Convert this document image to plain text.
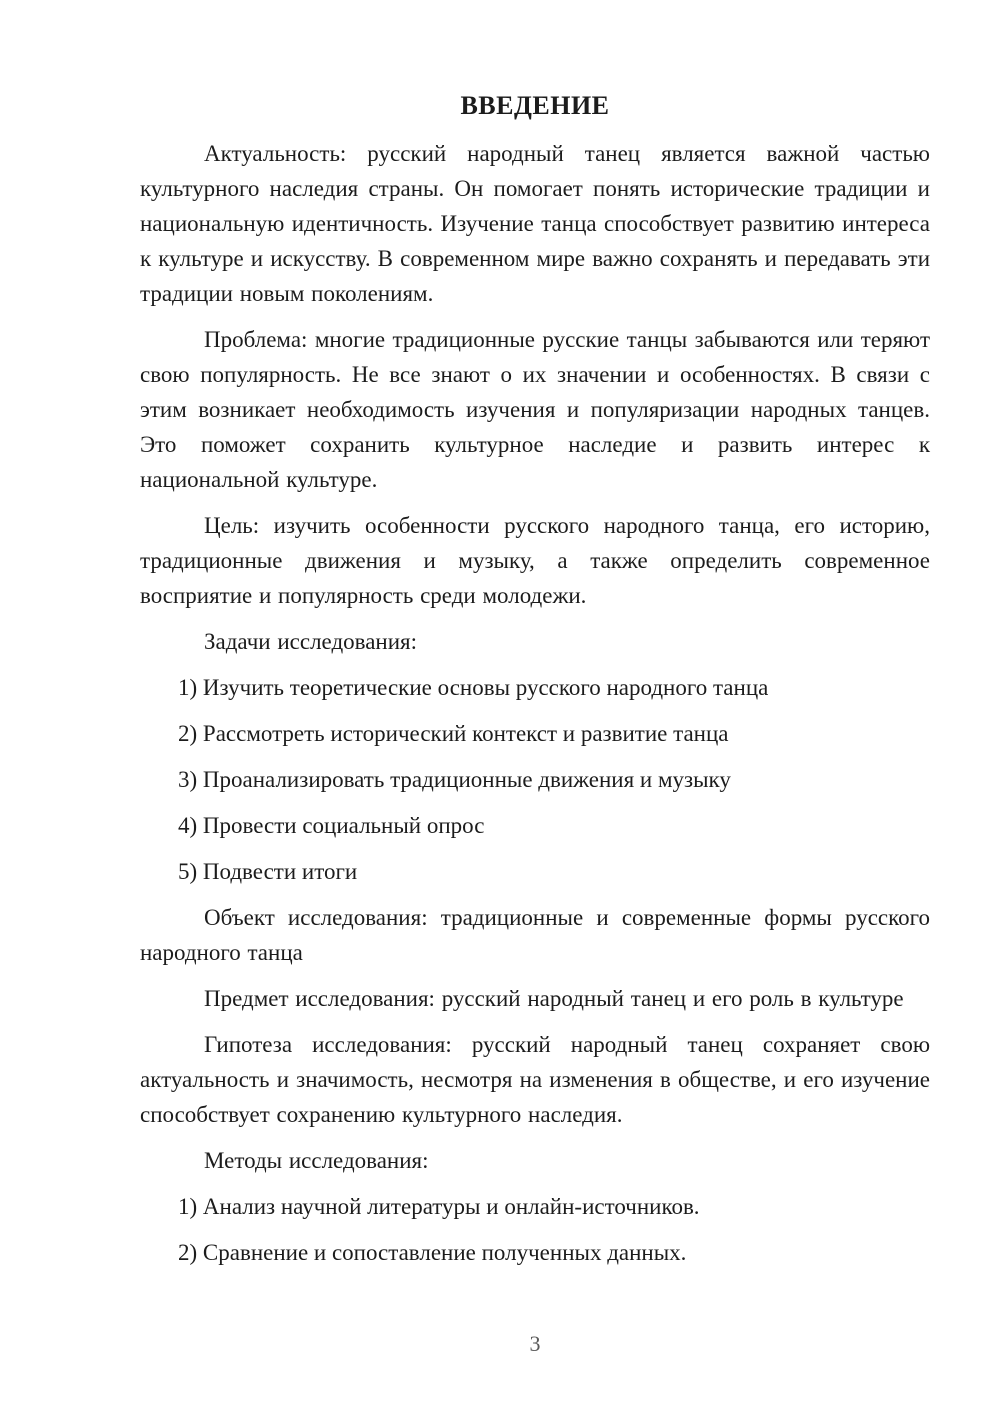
ВВЕДЕНИЕ

Актуальность: русский народный танец является важной частью культурного наследия страны. Он помогает понять исторические традиции и национальную идентичность. Изучение танца способствует развитию интереса к культуре и искусству. В современном мире важно сохранять и передавать эти традиции новым поколениям.

Проблема: многие традиционные русские танцы забываются или теряют свою популярность. Не все знают о их значении и особенностях. В связи с этим возникает необходимость изучения и популяризации народных танцев. Это поможет сохранить культурное наследие и развить интерес к национальной культуре.

Цель: изучить особенности русского народного танца, его историю, традиционные движения и музыку, а также определить современное восприятие и популярность среди молодежи.

Задачи исследования:

1) Изучить теоретические основы русского народного танца

2) Рассмотреть исторический контекст и развитие танца

3) Проанализировать традиционные движения и музыку

4) Провести социальный опрос

5) Подвести итоги

Объект исследования: традиционные и современные формы русского народного танца

Предмет исследования: русский народный танец и его роль в культуре

Гипотеза исследования: русский народный танец сохраняет свою актуальность и значимость, несмотря на изменения в обществе, и его изучение способствует сохранению культурного наследия.

Методы исследования:

1) Анализ научной литературы и онлайн-источников.

2) Сравнение и сопоставление полученных данных.

3
